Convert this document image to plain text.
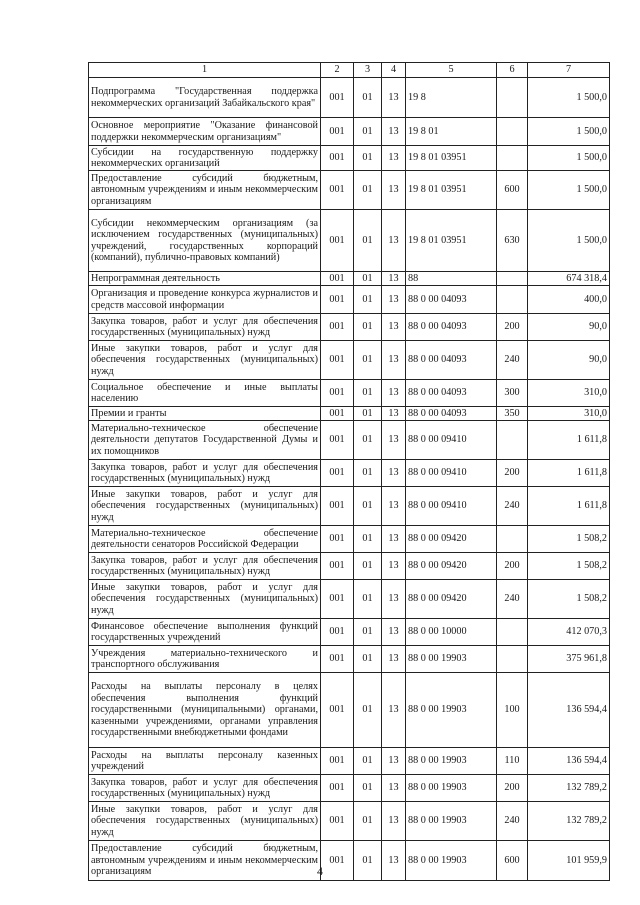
1	2	3	4	5	6	7
Подпрограмма "Государственная поддержка некоммерческих организаций Забайкальского края"	001	01	13	19 8		1 500,0
Основное мероприятие "Оказание финансовой поддержки некоммерческим организациям"	001	01	13	19 8 01		1 500,0
Субсидии на государственную поддержку некоммерческих организаций	001	01	13	19 8 01 03951		1 500,0
Предоставление субсидий бюджетным, автономным учреждениям и иным некоммерческим организациям	001	01	13	19 8 01 03951	600	1 500,0
Субсидии некоммерческим организациям (за исключением государственных (муниципальных) учреждений, государственных корпораций (компаний), публично-правовых компаний)	001	01	13	19 8 01 03951	630	1 500,0
Непрограммная деятельность	001	01	13	88		674 318,4
Организация и проведение конкурса журналистов и средств массовой информации	001	01	13	88 0 00 04093		400,0
Закупка товаров, работ и услуг для обеспечения государственных (муниципальных) нужд	001	01	13	88 0 00 04093	200	90,0
Иные закупки товаров, работ и услуг для обеспечения государственных (муниципальных) нужд	001	01	13	88 0 00 04093	240	90,0
Социальное обеспечение и иные выплаты населению	001	01	13	88 0 00 04093	300	310,0
Премии и гранты	001	01	13	88 0 00 04093	350	310,0
Материально-техническое обеспечение деятельности депутатов Государственной Думы и их помощников	001	01	13	88 0 00 09410		1 611,8
Закупка товаров, работ и услуг для обеспечения государственных (муниципальных) нужд	001	01	13	88 0 00 09410	200	1 611,8
Иные закупки товаров, работ и услуг для обеспечения государственных (муниципальных) нужд	001	01	13	88 0 00 09410	240	1 611,8
Материально-техническое обеспечение деятельности сенаторов Российской Федерации	001	01	13	88 0 00 09420		1 508,2
Закупка товаров, работ и услуг для обеспечения государственных (муниципальных) нужд	001	01	13	88 0 00 09420	200	1 508,2
Иные закупки товаров, работ и услуг для обеспечения государственных (муниципальных) нужд	001	01	13	88 0 00 09420	240	1 508,2
Финансовое обеспечение выполнения функций государственных учреждений	001	01	13	88 0 00 10000		412 070,3
Учреждения материально-технического и транспортного обслуживания	001	01	13	88 0 00 19903		375 961,8
Расходы на выплаты персоналу в целях обеспечения выполнения функций государственными (муниципальными) органами, казенными учреждениями, органами управления государственными внебюджетными фондами	001	01	13	88 0 00 19903	100	136 594,4
Расходы на выплаты персоналу казенных учреждений	001	01	13	88 0 00 19903	110	136 594,4
Закупка товаров, работ и услуг для обеспечения государственных (муниципальных) нужд	001	01	13	88 0 00 19903	200	132 789,2
Иные закупки товаров, работ и услуг для обеспечения государственных (муниципальных) нужд	001	01	13	88 0 00 19903	240	132 789,2
Предоставление субсидий бюджетным, автономным учреждениям и иным некоммерческим организациям	001	01	13	88 0 00 19903	600	101 959,9
4
